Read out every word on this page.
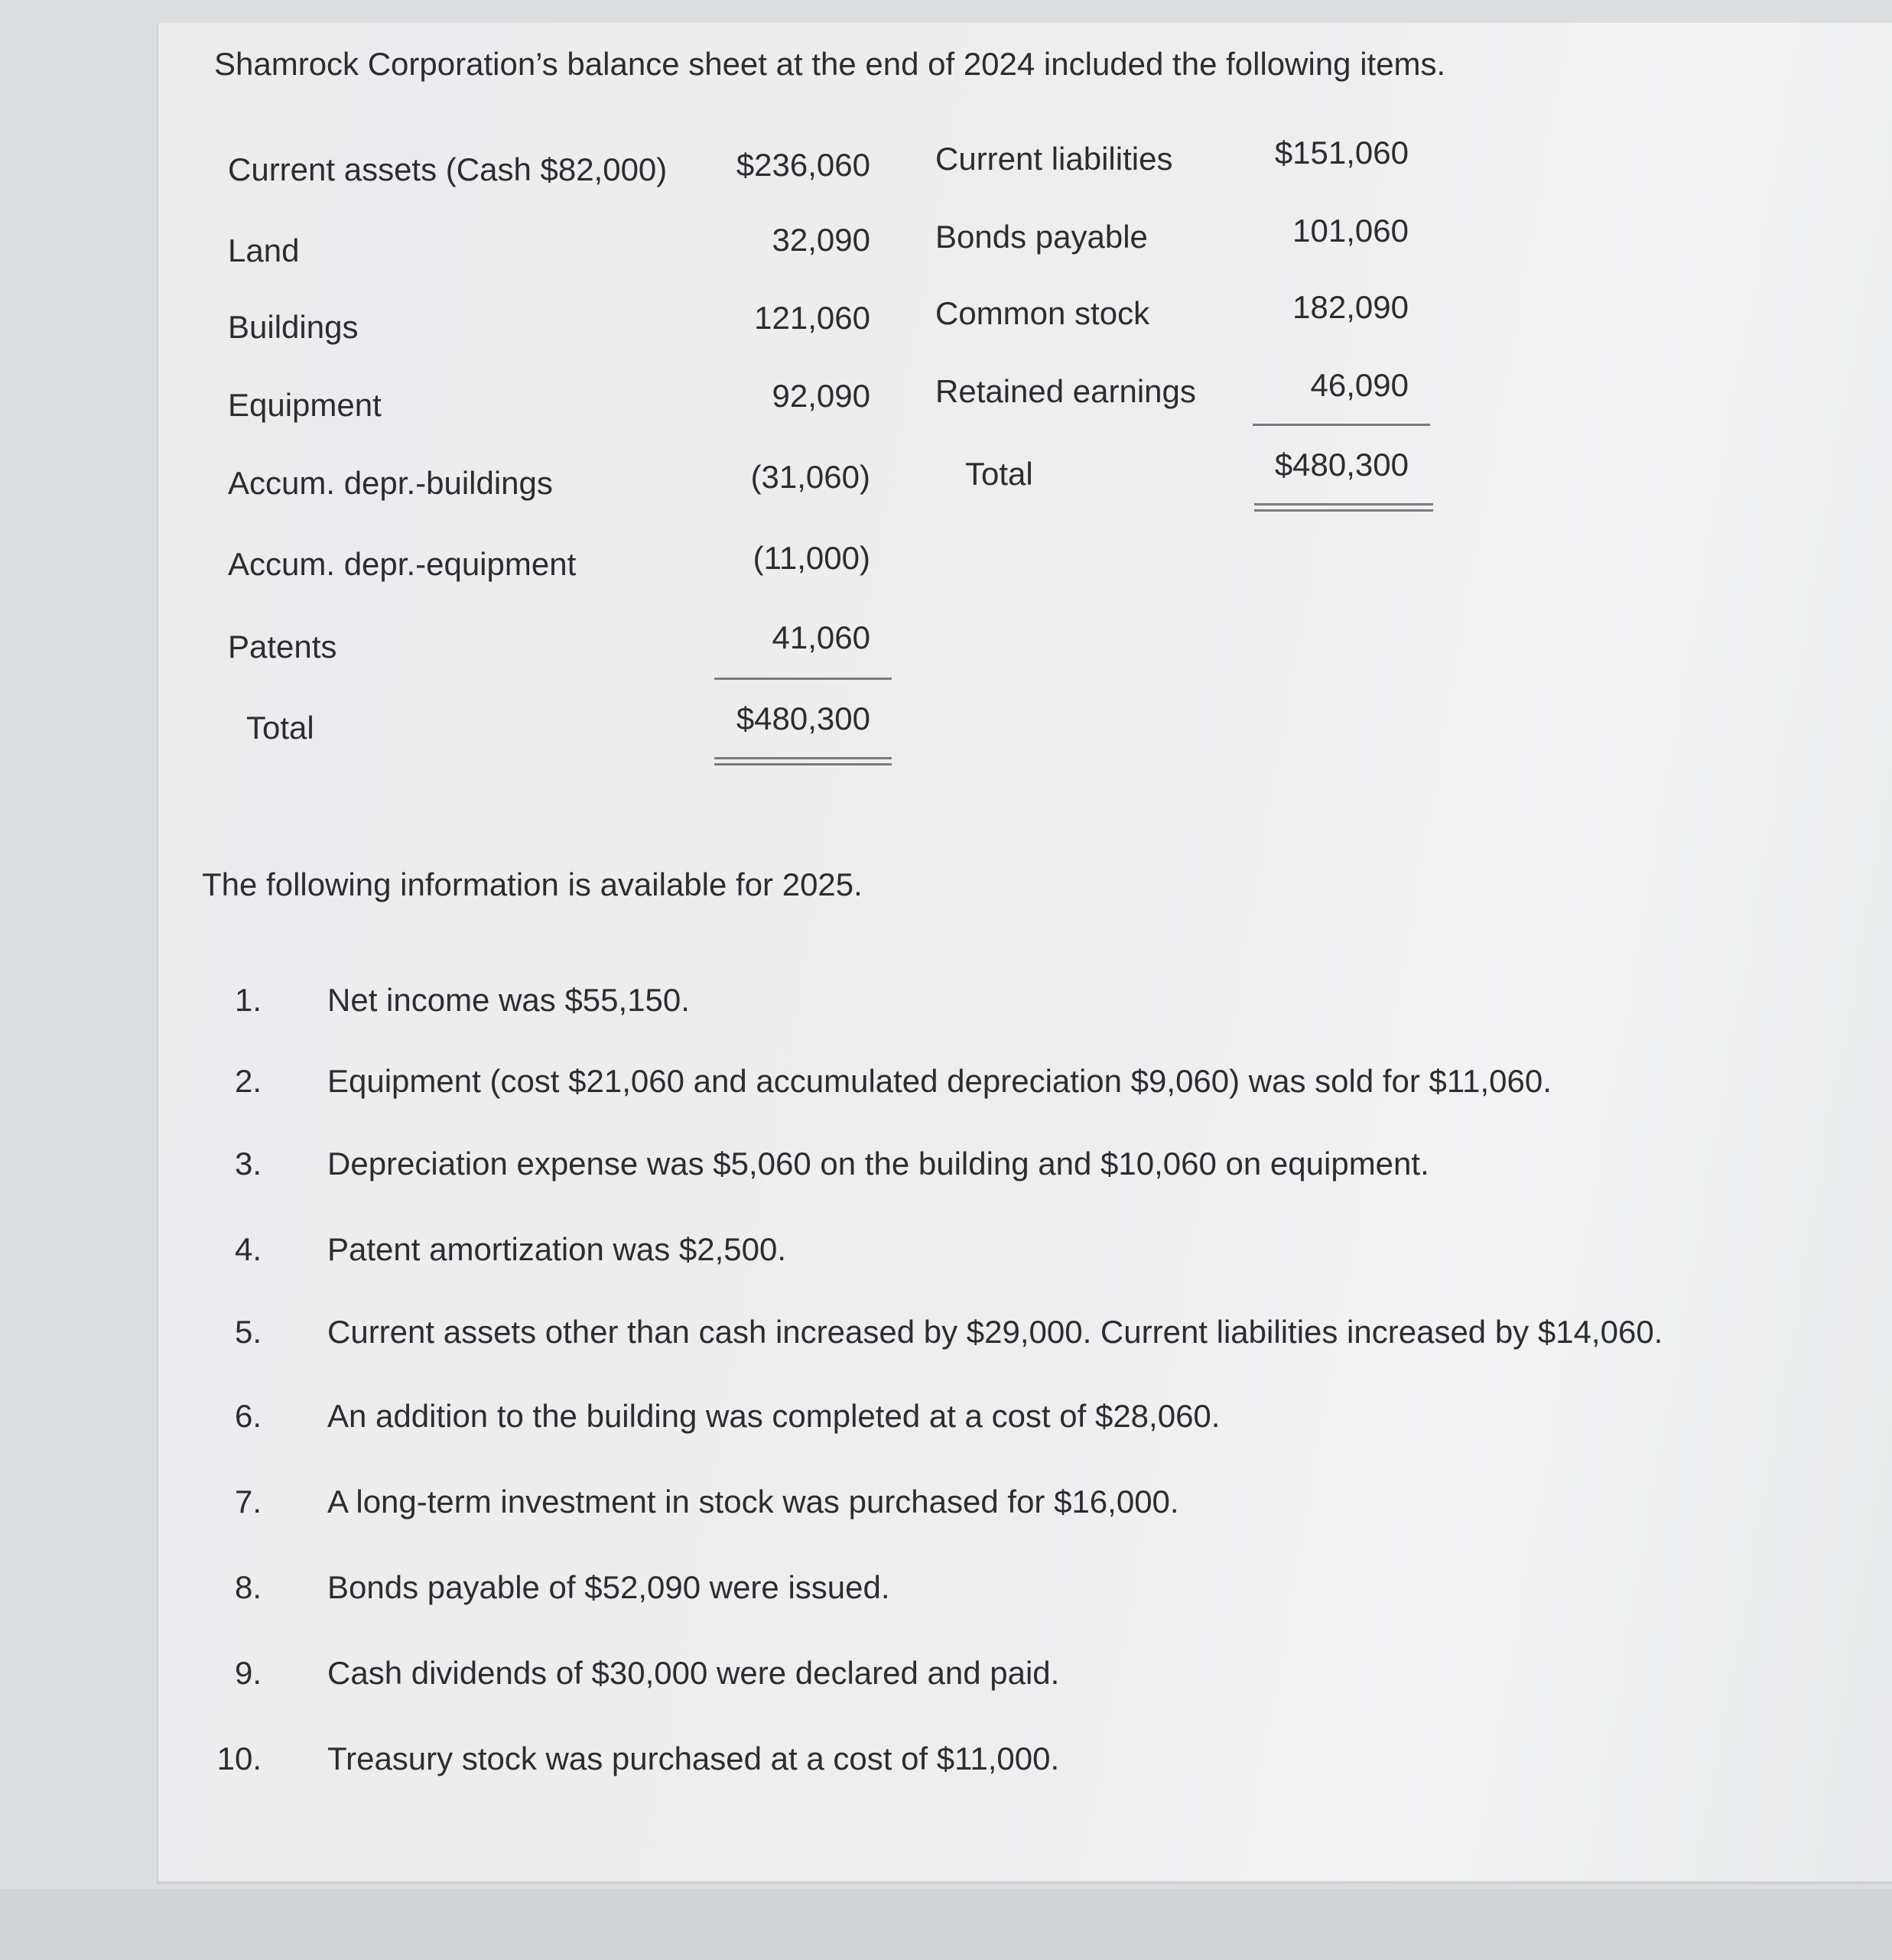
Shamrock Corporation’s balance sheet at the end of 2024 included the following items.
Current assets (Cash $82,000) $236,060
Land	32,090
Buildings	121,060
Equipment	92,090
Accum. depr.-buildings	(31,060)
Accum. depr.-equipment	(11,000)
Patents	41,060
Total	$480,300
Current liabilities	$151,060
Bonds payable	101,060
Common stock	182,090
Retained earnings	46,090
Total	$480,300
The following information is available for 2025.
1. Net income was $55,150.
2. Equipment (cost $21,060 and accumulated depreciation $9,060) was sold for $11,060.
3. Depreciation expense was $5,060 on the building and $10,060 on equipment.
4. Patent amortization was $2,500.
5. Current assets other than cash increased by $29,000. Current liabilities increased by $14,060.
6. An addition to the building was completed at a cost of $28,060.
7. A long-term investment in stock was purchased for $16,000.
8. Bonds payable of $52,090 were issued.
9. Cash dividends of $30,000 were declared and paid.
10. Treasury stock was purchased at a cost of $11,000.
